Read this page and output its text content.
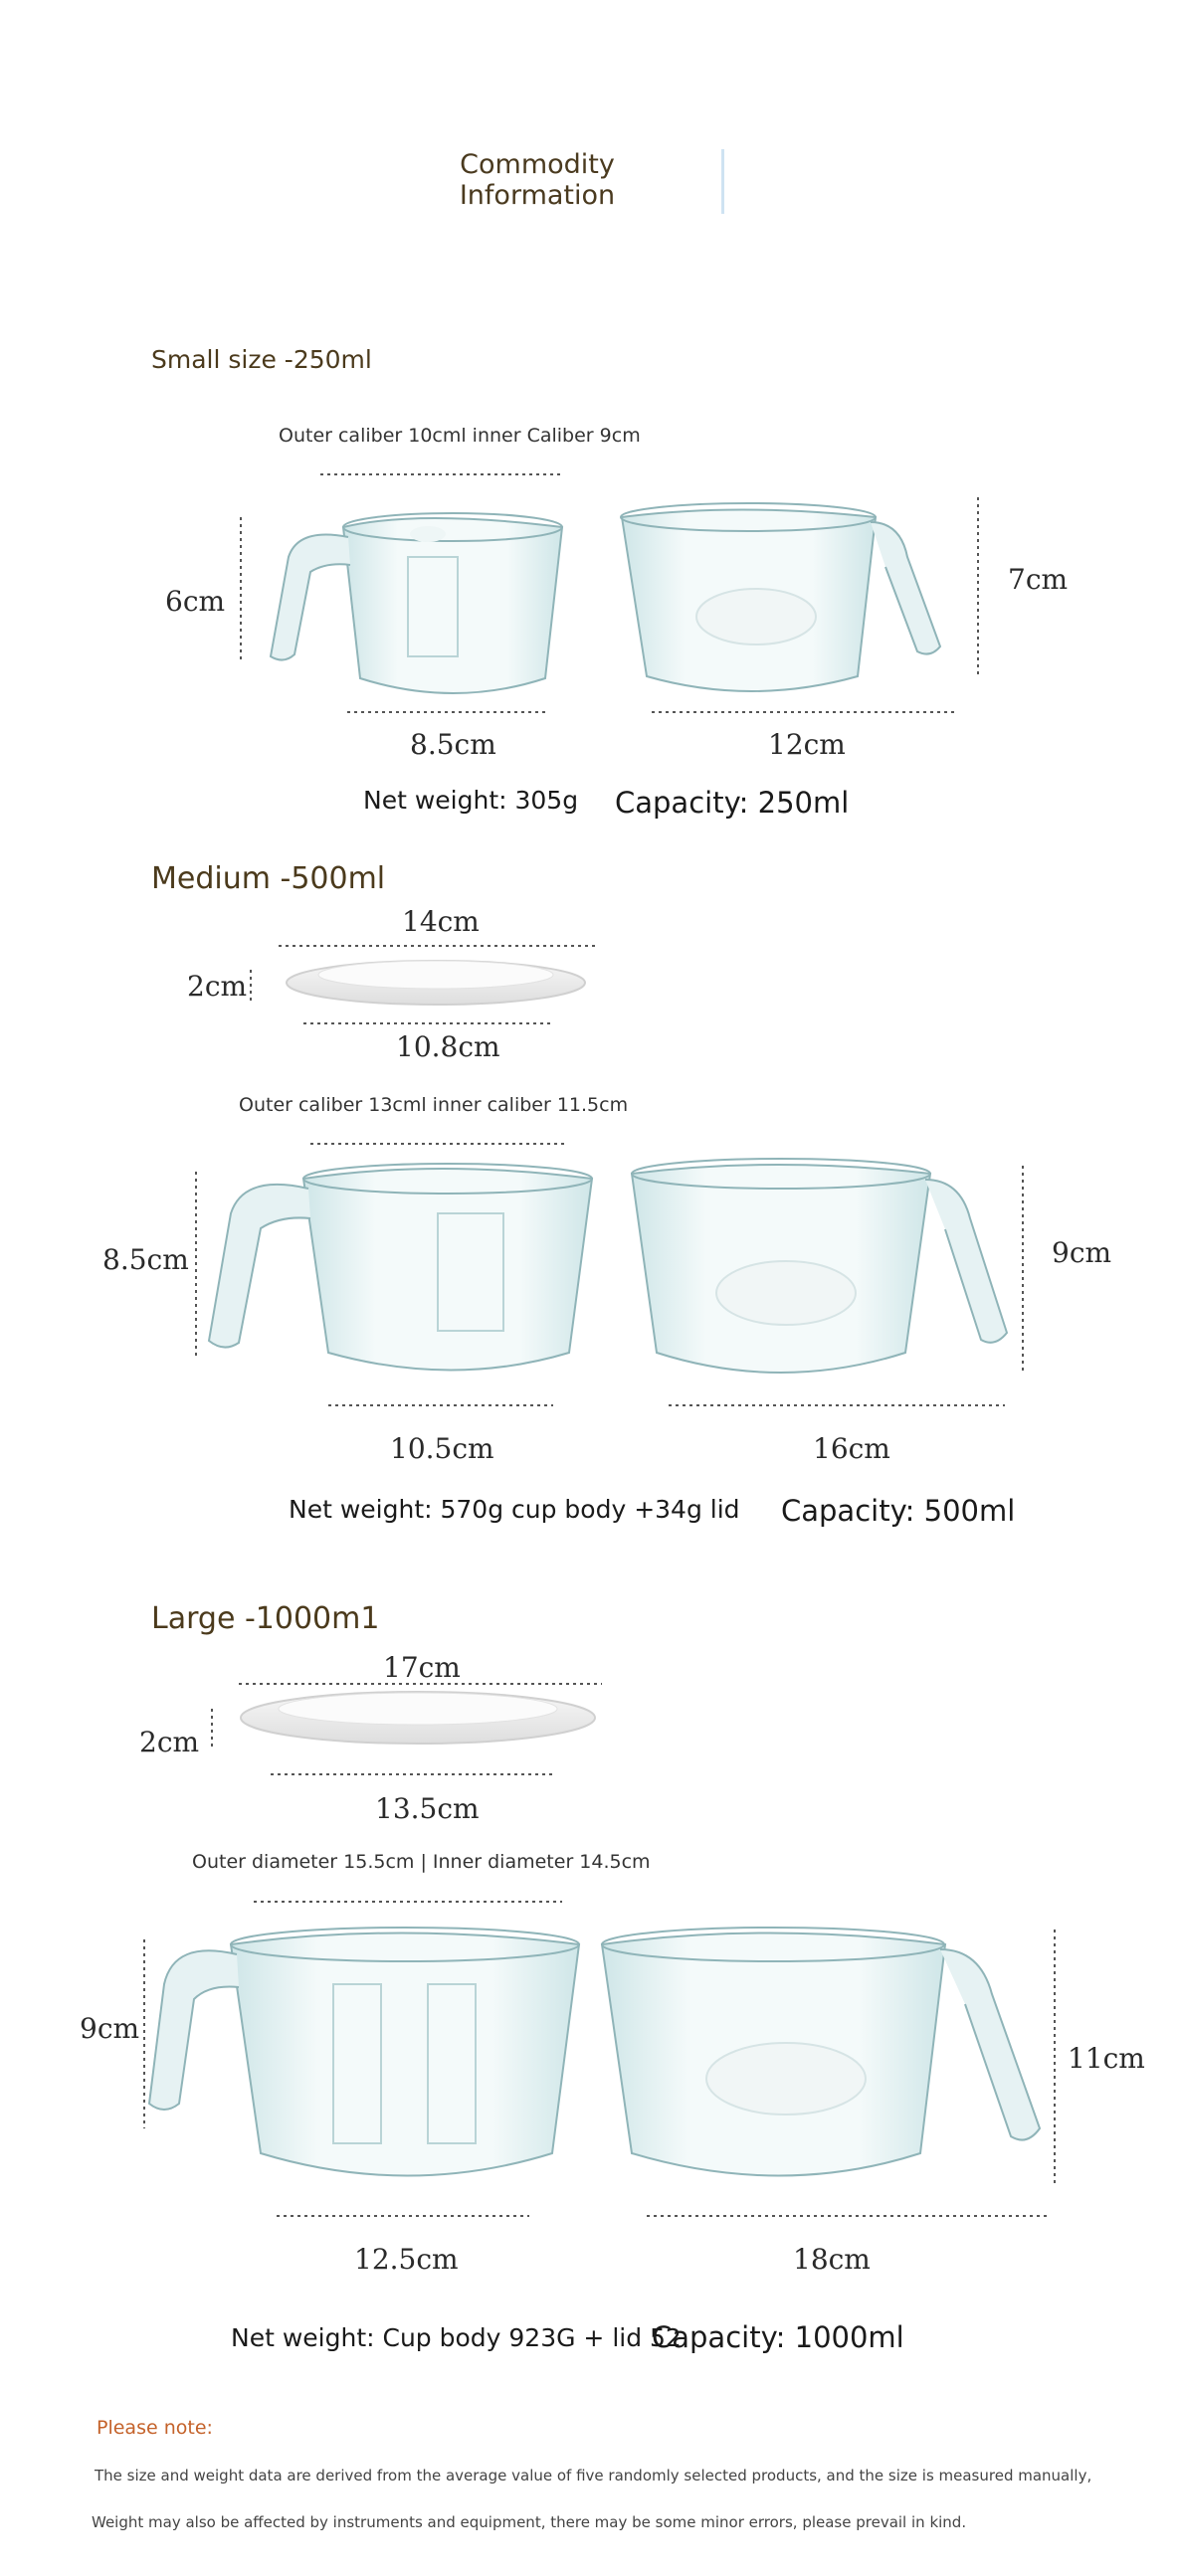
Commodity
Information
Small size -250ml
Outer caliber 10cml inner Caliber 9cm
6cm
7cm
8.5cm	12cm
Net weight: 305g Capacity: 250ml
Medium -500ml
14cm
2cm
10.8cm
Outer caliber 13cml inner caliber 11.5cm
8.5cm	9cm
10.5cm	16cm
Net weight: 570g cup body +34g lid Capacity: 500ml
Large -1000m1
17cm
2cm
13.5cm
Outer diameter 15.5cm | Inner diameter 14.5cm
9cm
11cm
12.5cm	18cm
Net weight: Cup body 923G + lid 52
Capacity: 1000ml
Please note:
The size and weight data are derived from the average value of five randomly selected products, and the size is measured manually,
Weight may also be affected by instruments and equipment, there may be some minor errors, please prevail in kind.
